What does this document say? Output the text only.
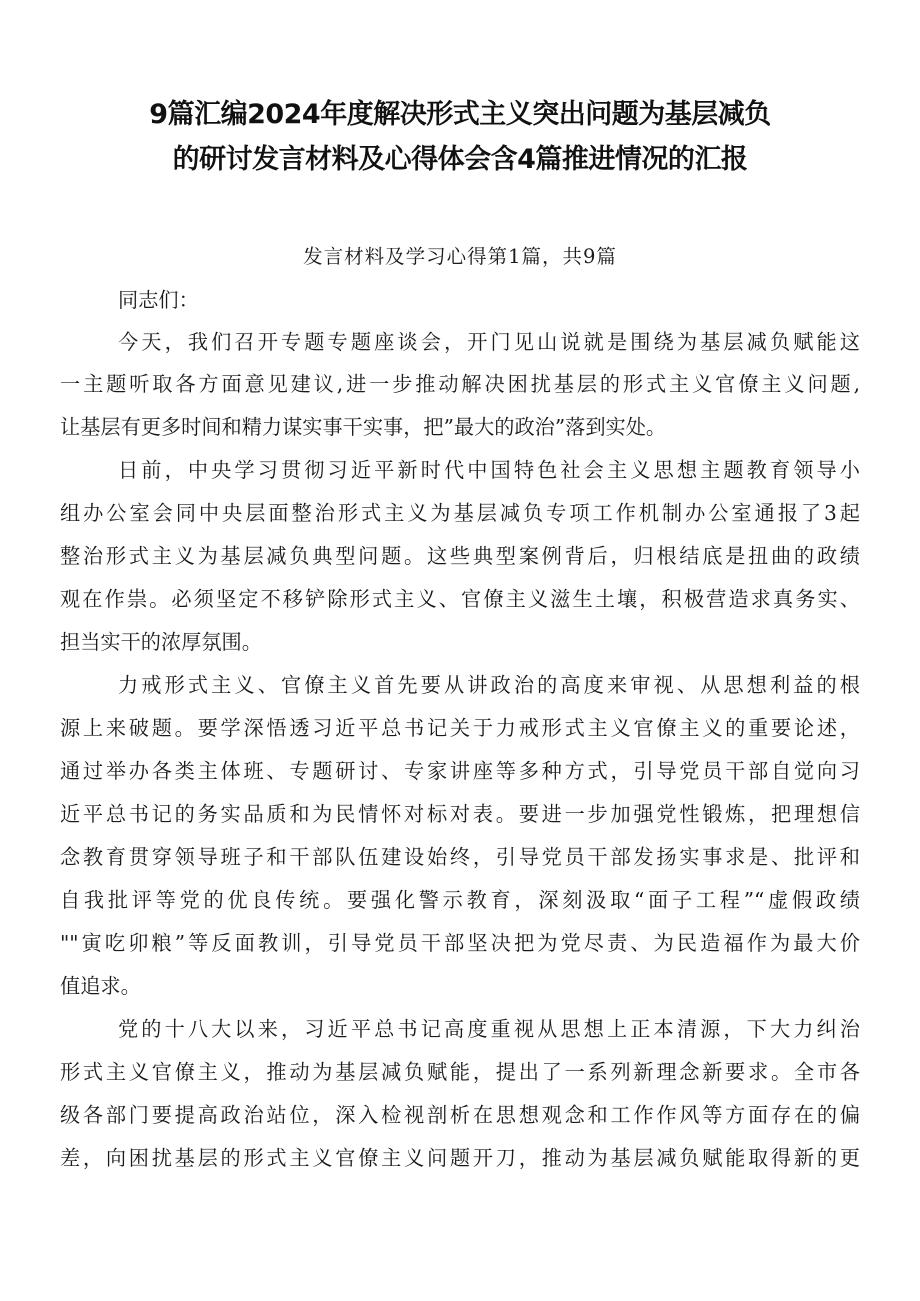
9篇汇编2024年度解决形式主义突出问题为基层减负
的研讨发言材料及心得体会含4篇推进情况的汇报
发言材料及学习心得第1篇，共9篇
同志们：
今天，我们召开专题专题座谈会，开门见山说就是围绕为基层减负赋能这
一主题听取各方面意见建议,进一步推动解决困扰基层的形式主义官僚主义问题,
让基层有更多时间和精力谋实事干实事，把”最大的政治”落到实处。
日前，中央学习贯彻习近平新时代中国特色社会主义思想主题教育领导小
组办公室会同中央层面整治形式主义为基层减负专项工作机制办公室通报了3起
整治形式主义为基层减负典型问题。这些典型案例背后，归根结底是扭曲的政绩
观在作祟。必须坚定不移铲除形式主义、官僚主义滋生土壤，积极营造求真务实、
担当实干的浓厚氛围。
力戒形式主义、官僚主义首先要从讲政治的高度来审视、从思想利益的根
源上来破题。要学深悟透习近平总书记关于力戒形式主义官僚主义的重要论述，
通过举办各类主体班、专题研讨、专家讲座等多种方式，引导党员干部自觉向习
近平总书记的务实品质和为民情怀对标对表。要进一步加强党性锻炼，把理想信
念教育贯穿领导班子和干部队伍建设始终，引导党员干部发扬实事求是、批评和
自我批评等党的优良传统。要强化警示教育，深刻汲取“面子工程”“虚假政绩
""寅吃卯粮”等反面教训，引导党员干部坚决把为党尽责、为民造福作为最大价
值追求。
党的十八大以来，习近平总书记高度重视从思想上正本清源，下大力纠治
形式主义官僚主义，推动为基层减负赋能，提出了一系列新理念新要求。全市各
级各部门要提高政治站位，深入检视剖析在思想观念和工作作风等方面存在的偏
差，向困扰基层的形式主义官僚主义问题开刀，推动为基层减负赋能取得新的更
